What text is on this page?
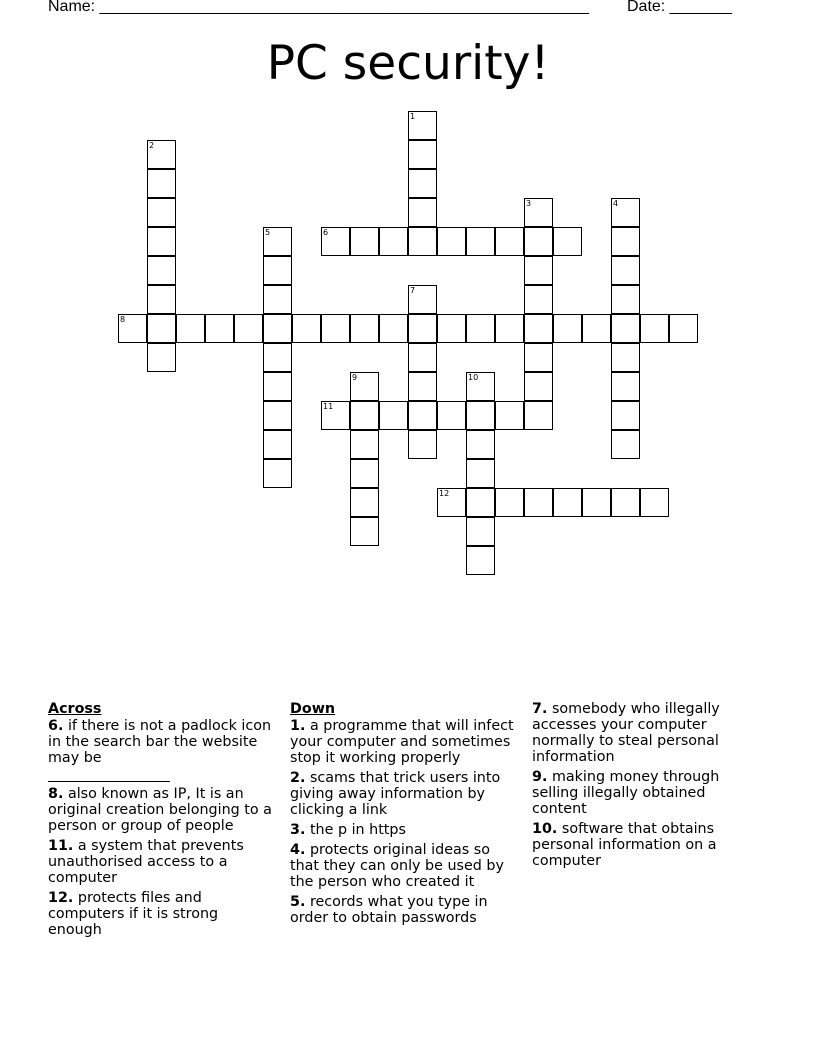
Name: _______________________________________________________ Date: _______
PC security!
1
2
3	4
5	6
7
8
9	10
11
12
Across
6. if there is not a padlock icon in the search bar the website may be
8. also known as IP, It is an original creation belonging to a person or group of people
11. a system that prevents unauthorised access to a computer
12. protects files and computers if it is strong enough
Down
1. a programme that will infect your computer and sometimes stop it working properly
2. scams that trick users into giving away information by clicking a link
3. the p in https
4. protects original ideas so that they can only be used by the person who created it
5. records what you type in order to obtain passwords
7. somebody who illegally accesses your computer normally to steal personal information
9. making money through selling illegally obtained content
10. software that obtains personal information on a computer
